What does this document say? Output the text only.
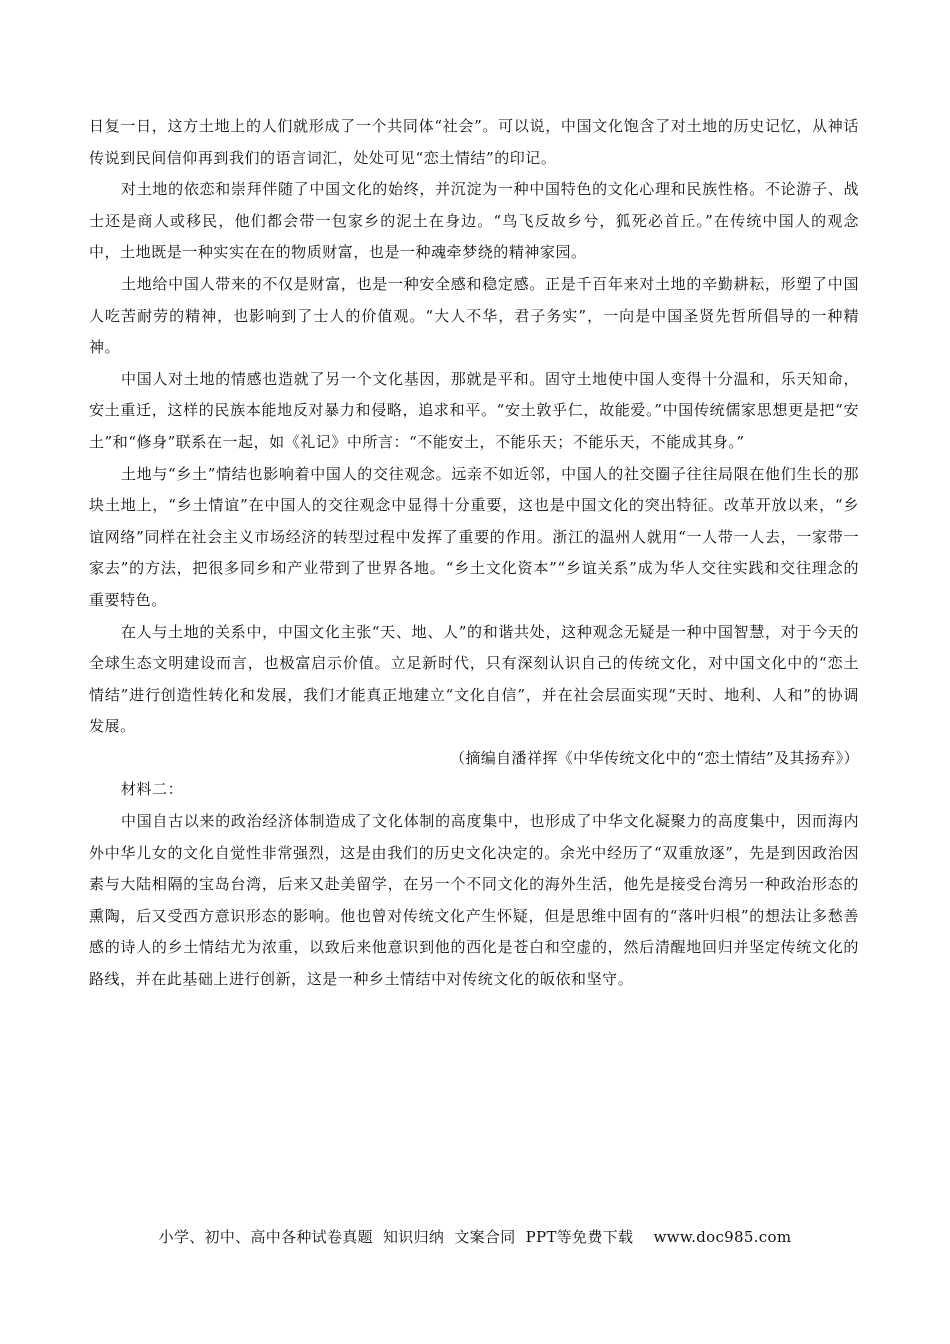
日复一日，这方土地上的人们就形成了一个共同体“社会”。可以说，中国文化饱含了对土地的历史记忆，从神话传说到民间信仰再到我们的语言词汇，处处可见“恋土情结”的印记。

对土地的依恋和崇拜伴随了中国文化的始终，并沉淀为一种中国特色的文化心理和民族性格。不论游子、战士还是商人或移民，他们都会带一包家乡的泥土在身边。“鸟飞反故乡兮，狐死必首丘。”在传统中国人的观念中，土地既是一种实实在在的物质财富，也是一种魂牵梦绕的精神家园。

土地给中国人带来的不仅是财富，也是一种安全感和稳定感。正是千百年来对土地的辛勤耕耘，形塑了中国人吃苦耐劳的精神，也影响到了士人的价值观。“大人不华，君子务实”，一向是中国圣贤先哲所倡导的一种精神。

中国人对土地的情感也造就了另一个文化基因，那就是平和。固守土地使中国人变得十分温和，乐天知命，安土重迁，这样的民族本能地反对暴力和侵略，追求和平。“安土敦乎仁，故能爱。”中国传统儒家思想更是把“安土”和“修身”联系在一起，如《礼记》中所言：“不能安土，不能乐天；不能乐天，不能成其身。”

土地与“乡土”情结也影响着中国人的交往观念。远亲不如近邻，中国人的社交圈子往往局限在他们生长的那块土地上，“乡土情谊”在中国人的交往观念中显得十分重要，这也是中国文化的突出特征。改革开放以来，“乡谊网络”同样在社会主义市场经济的转型过程中发挥了重要的作用。浙江的温州人就用“一人带一人去，一家带一家去”的方法，把很多同乡和产业带到了世界各地。“乡土文化资本”“乡谊关系”成为华人交往实践和交往理念的重要特色。

在人与土地的关系中，中国文化主张“天、地、人”的和谐共处，这种观念无疑是一种中国智慧，对于今天的全球生态文明建设而言，也极富启示价值。立足新时代，只有深刻认识自己的传统文化，对中国文化中的“恋土情结”进行创造性转化和发展，我们才能真正地建立“文化自信”，并在社会层面实现“天时、地利、人和”的协调发展。

（摘编自潘祥挥《中华传统文化中的“恋土情结”及其扬弃》）

材料二：

中国自古以来的政治经济体制造成了文化体制的高度集中，也形成了中华文化凝聚力的高度集中，因而海内外中华儿女的文化自觉性非常强烈，这是由我们的历史文化决定的。余光中经历了“双重放逐”，先是到因政治因素与大陆相隔的宝岛台湾，后来又赴美留学，在另一个不同文化的海外生活，他先是接受台湾另一种政治形态的熏陶，后又受西方意识形态的影响。他也曾对传统文化产生怀疑，但是思维中固有的“落叶归根”的想法让多愁善感的诗人的乡土情结尤为浓重，以致后来他意识到他的西化是苍白和空虚的，然后清醒地回归并坚定传统文化的路线，并在此基础上进行创新，这是一种乡土情结中对传统文化的皈依和坚守。

小学、初中、高中各种试卷真题  知识归纳  文案合同  PPT等免费下载 www.doc985.com
